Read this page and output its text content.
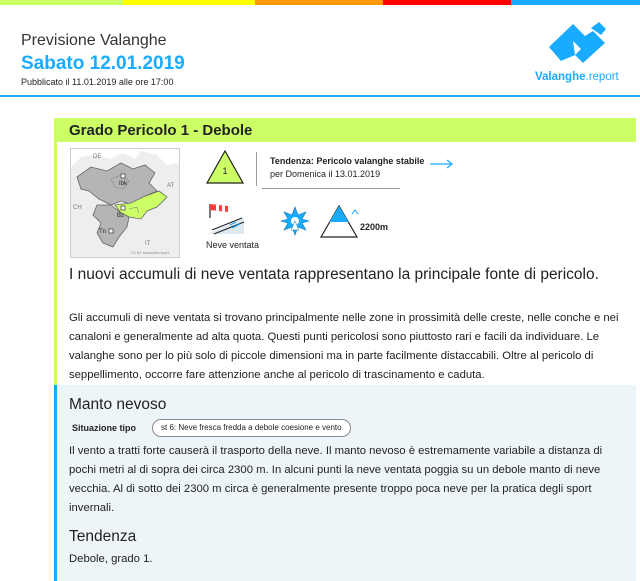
Previsione Valanghe
Sabato 12.01.2019
Pubblicato il 11.01.2019 alle ore 17:00	Valanghe.report
Grado Pericolo 1 - Debole
DE
AT
CH
IT
Ibk
Bz
Tn
CC BY avalanche.report
1
Tendenza: Pericolo valanghe stabile
per Domenica il 13.01.2019
Neve ventata
2200m
I nuovi accumuli di neve ventata rappresentano la principale fonte di pericolo.
Gli accumuli di neve ventata si trovano principalmente nelle zone in prossimità delle creste, nelle conche e nei canaloni e generalmente ad alta quota. Questi punti pericolosi sono piuttosto rari e facili da individuare. Le valanghe sono per lo più solo di piccole dimensioni ma in parte facilmente distaccabili. Oltre al pericolo di seppellimento, occorre fare attenzione anche al pericolo di trascinamento e caduta.
Manto nevoso
Situazione tipo	st 6: Neve fresca fredda a debole coesione e vento
Il vento a tratti forte causerà il trasporto della neve. Il manto nevoso è estremamente variabile a distanza di pochi metri al di sopra dei circa 2300 m. In alcuni punti la neve ventata poggia su un debole manto di neve vecchia. Al di sotto dei 2300 m circa è generalmente presente troppo poca neve per la pratica degli sport invernali.
Tendenza
Debole, grado 1.
